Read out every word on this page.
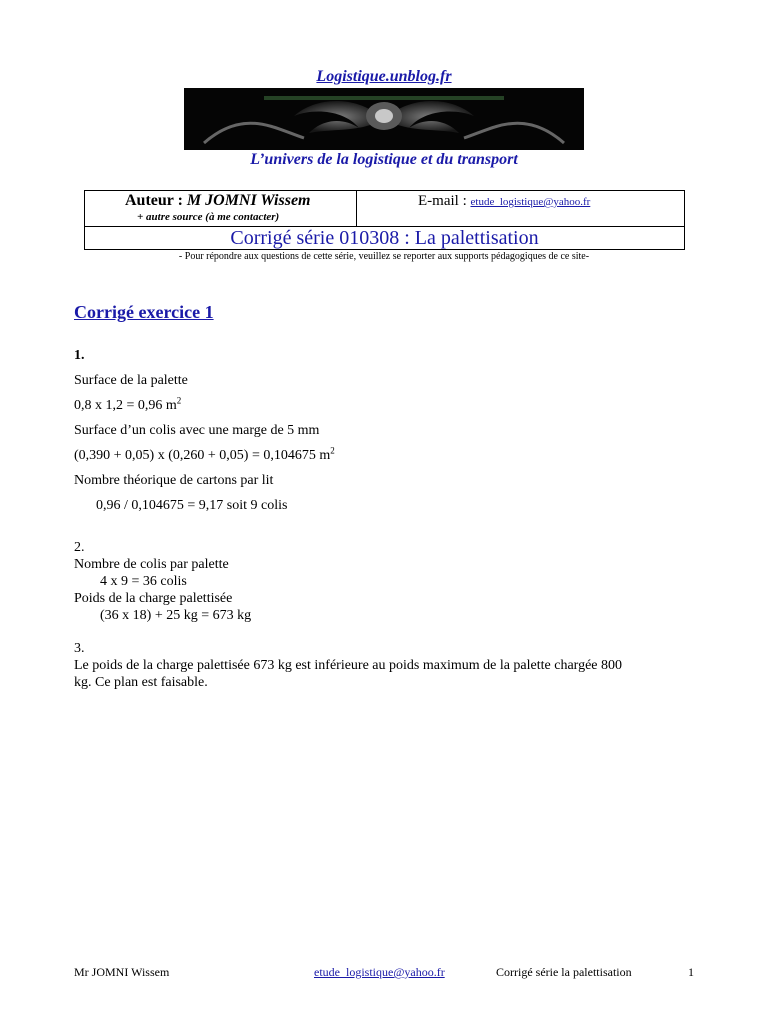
Logistique.unblog.fr
L’univers de la logistique et du transport
Auteur : M JOMNI Wissem
+ autre source (à me contacter)
E-mail : etude_logistique@yahoo.fr
Corrigé série 010308 : La palettisation
- Pour répondre aux questions de cette série, veuillez se reporter aux supports pédagogiques de ce site-
Corrigé exercice 1
1.
Surface de la palette
0,8 x 1,2 = 0,96 $m^2$
Surface d’un colis avec une marge de 5 mm
(0,390 + 0,05) x (0,260 + 0,05) = 0,104675 $m^2$
Nombre théorique de cartons par lit
0,96 / 0,104675 = 9,17 soit 9 colis
2.
Nombre de colis par palette
4 x 9 = 36 colis
Poids de la charge palettisée
(36 x 18) + 25 kg = 673 kg
3.
Le poids de la charge palettisée 673 kg est inférieure au poids maximum de la palette chargée 800
kg. Ce plan est faisable.
Mr JOMNI Wissem	etude_logistique@yahoo.fr	Corrigé série la palettisation	1
